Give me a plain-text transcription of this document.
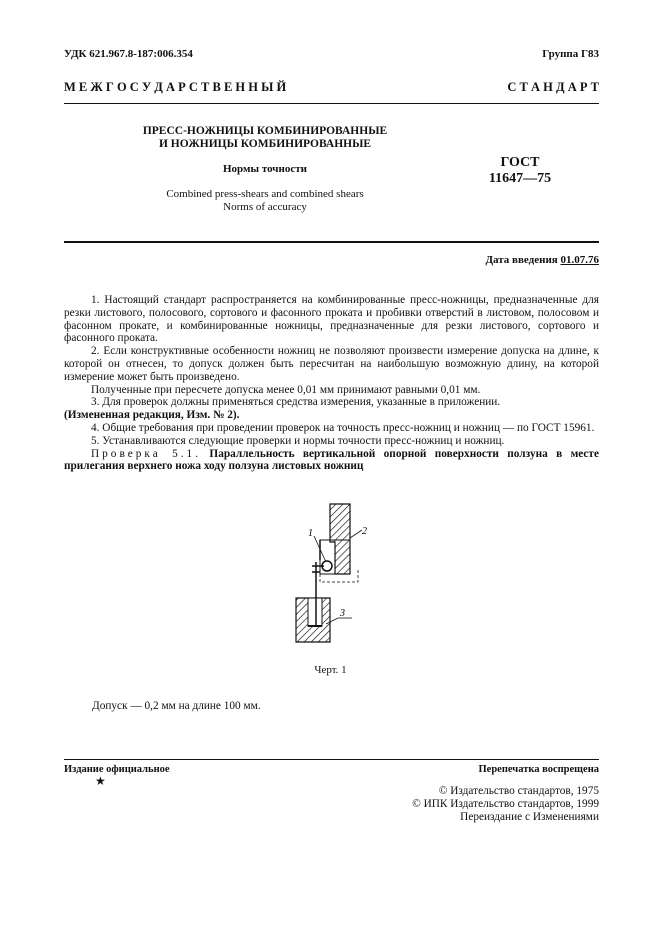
УДК 621.967.8-187:006.354	Группа Г83
М Е Ж Г О С У Д А Р С Т В Е Н Н Ы Й	С Т А Н Д А Р Т
ПРЕСС-НОЖНИЦЫ КОМБИНИРОВАННЫЕ
И НОЖНИЦЫ КОМБИНИРОВАННЫЕ
Нормы точности
Combined press-shears and combined shears
Norms of accuracy
ГОСТ
11647—75
Дата введения 01.07.76

1. Настоящий стандарт распространяется на комбинированные пресс-ножницы, предназначенные для резки листового, полосового, сортового и фасонного проката и пробивки отверстий в листовом, полосовом и фасонном прокате, и комбинированные ножницы, предназначенные для резки листового, сортового и фасонного проката.

2. Если конструктивные особенности ножниц не позволяют произвести измерение допуска на длине, к которой он отнесен, то допуск должен быть пересчитан на наибольшую возможную длину, на которой измерение может быть произведено.

Полученные при пересчете допуска менее 0,01 мм принимают равными 0,01 мм.

3. Для проверок должны применяться средства измерения, указанные в приложении.

(Измененная редакция, Изм. № 2).

4. Общие требования при проведении проверок на точность пресс-ножниц и ножниц — по ГОСТ 15961.

5. Устанавливаются следующие проверки и нормы точности пресс-ножниц и ножниц.

Проверка 5.1. Параллельность вертикальной опорной поверхности ползуна в месте прилегания верхнего ножа ходу ползуна листовых ножниц

1	2
3
Черт. 1
Допуск — 0,2 мм на длине 100 мм.
Издание официальное	Перепечатка воспрещена
★
© Издательство стандартов, 1975
© ИПК Издательство стандартов, 1999
Переиздание с Изменениями
